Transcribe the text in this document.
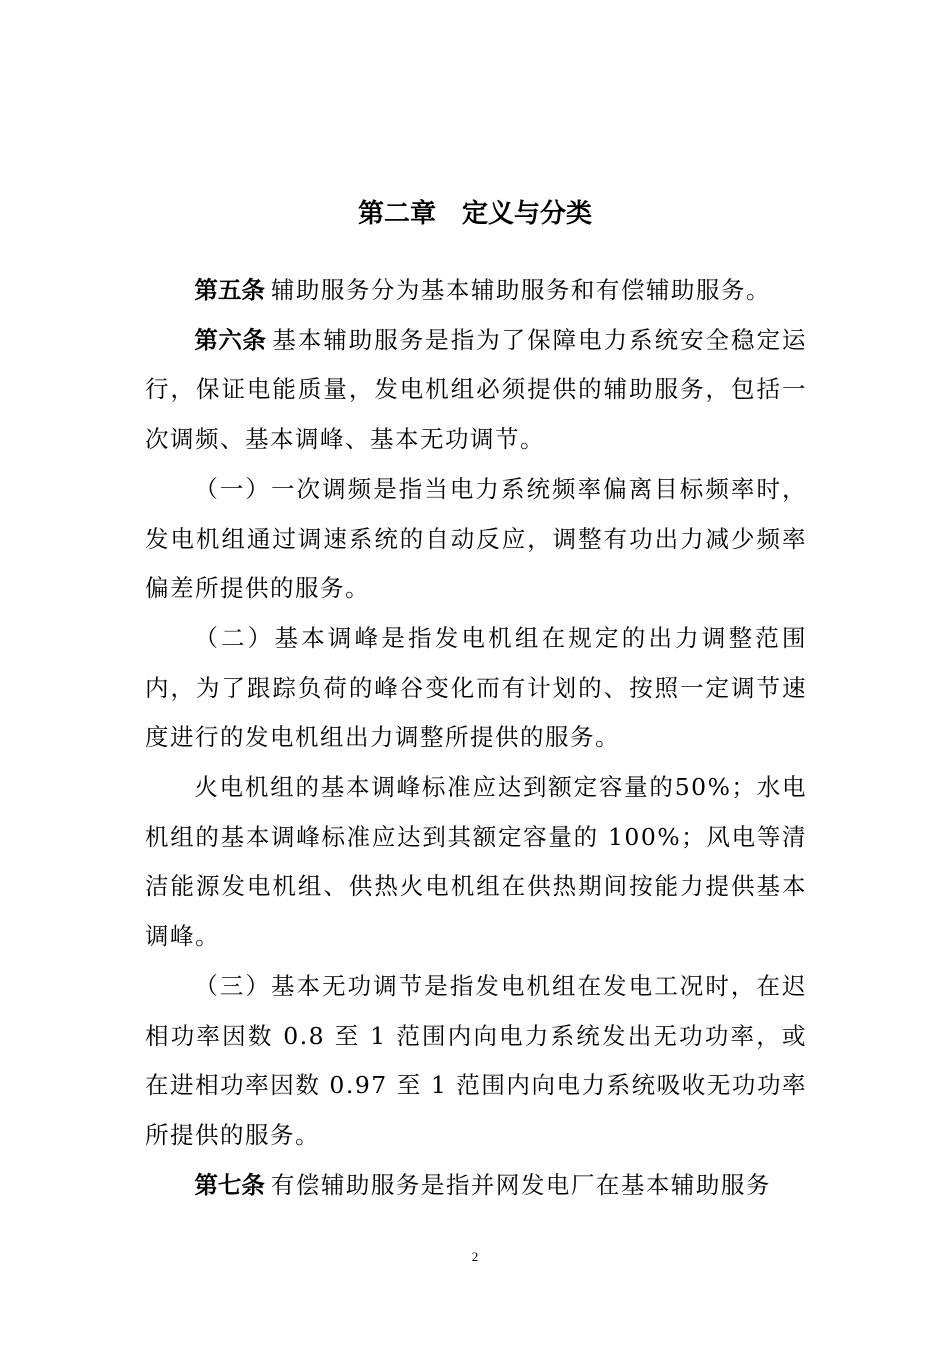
第二章　定义与分类

第五条 辅助服务分为基本辅助服务和有偿辅助服务。

第六条 基本辅助服务是指为了保障电力系统安全稳定运行，保证电能质量，发电机组必须提供的辅助服务，包括一次调频、基本调峰、基本无功调节。

（一）一次调频是指当电力系统频率偏离目标频率时，发电机组通过调速系统的自动反应，调整有功出力减少频率偏差所提供的服务。

（二）基本调峰是指发电机组在规定的出力调整范围内，为了跟踪负荷的峰谷变化而有计划的、按照一定调节速度进行的发电机组出力调整所提供的服务。

火电机组的基本调峰标准应达到额定容量的50%；水电机组的基本调峰标准应达到其额定容量的 100%；风电等清洁能源发电机组、供热火电机组在供热期间按能力提供基本调峰。

（三）基本无功调节是指发电机组在发电工况时，在迟相功率因数 0.8 至 1 范围内向电力系统发出无功功率，或在进相功率因数 0.97 至 1 范围内向电力系统吸收无功功率所提供的服务。

第七条 有偿辅助服务是指并网发电厂在基本辅助服务

2
